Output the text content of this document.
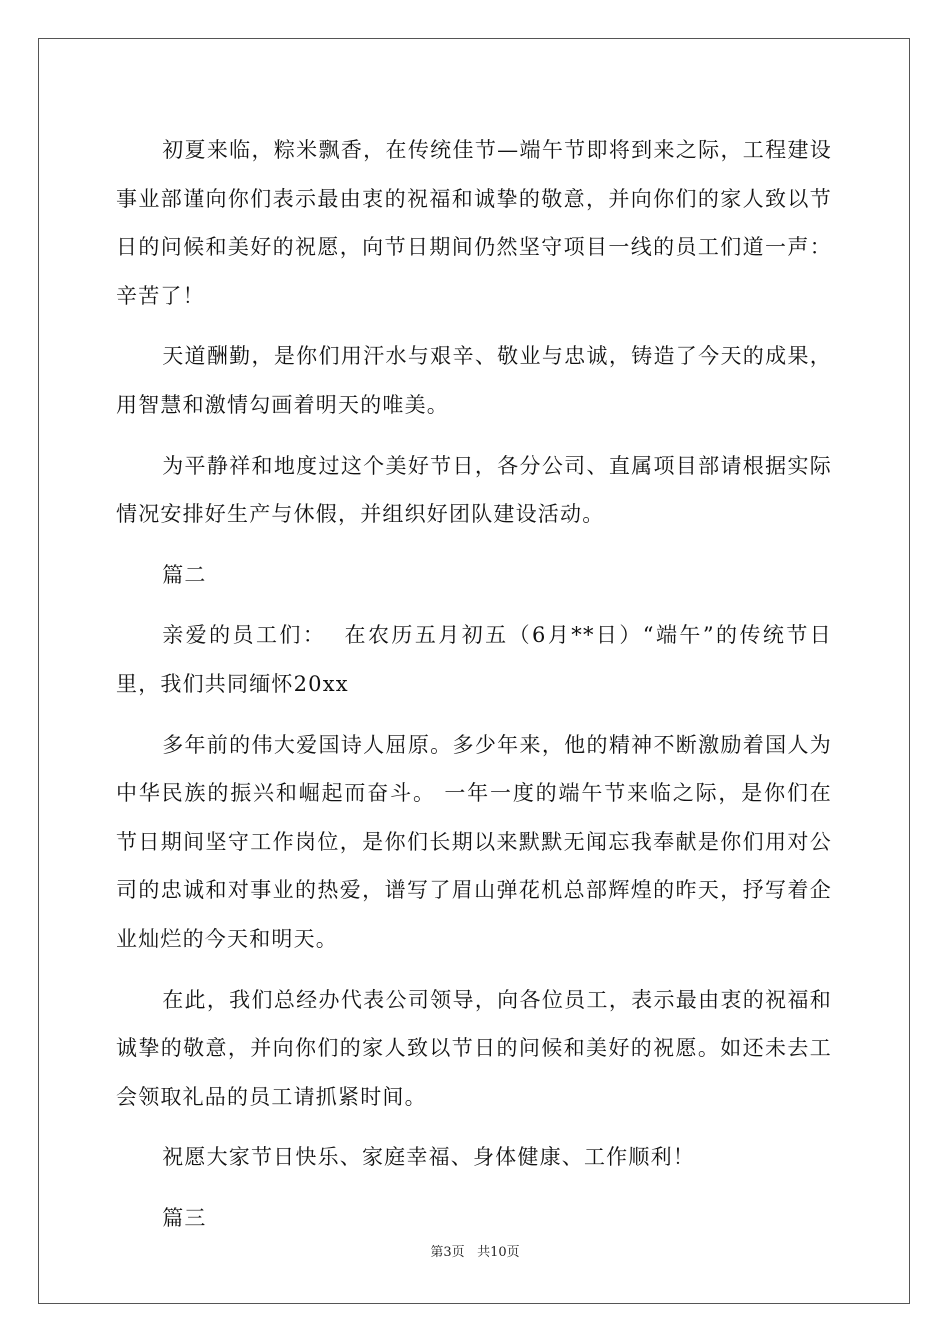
初夏来临，粽米飘香，在传统佳节—端午节即将到来之际，工程建设事业部谨向你们表示最由衷的祝福和诚挚的敬意，并向你们的家人致以节日的问候和美好的祝愿，向节日期间仍然坚守项目一线的员工们道一声：辛苦了！

天道酬勤，是你们用汗水与艰辛、敬业与忠诚，铸造了今天的成果，用智慧和激情勾画着明天的唯美。

为平静祥和地度过这个美好节日，各分公司、直属项目部请根据实际情况安排好生产与休假，并组织好团队建设活动。

篇二

亲爱的员工们：  在农历五月初五（6月**日）“端午”的传统节日里，我们共同缅怀20xx

多年前的伟大爱国诗人屈原。多少年来，他的精神不断激励着国人为中华民族的振兴和崛起而奋斗。 一年一度的端午节来临之际，是你们在节日期间坚守工作岗位，是你们长期以来默默无闻忘我奉献是你们用对公司的忠诚和对事业的热爱，谱写了眉山弹花机总部辉煌的昨天，抒写着企业灿烂的今天和明天。

在此，我们总经办代表公司领导，向各位员工，表示最由衷的祝福和诚挚的敬意，并向你们的家人致以节日的问候和美好的祝愿。如还未去工会领取礼品的员工请抓紧时间。

祝愿大家节日快乐、家庭幸福、身体健康、工作顺利！

篇三

第3页 共10页
